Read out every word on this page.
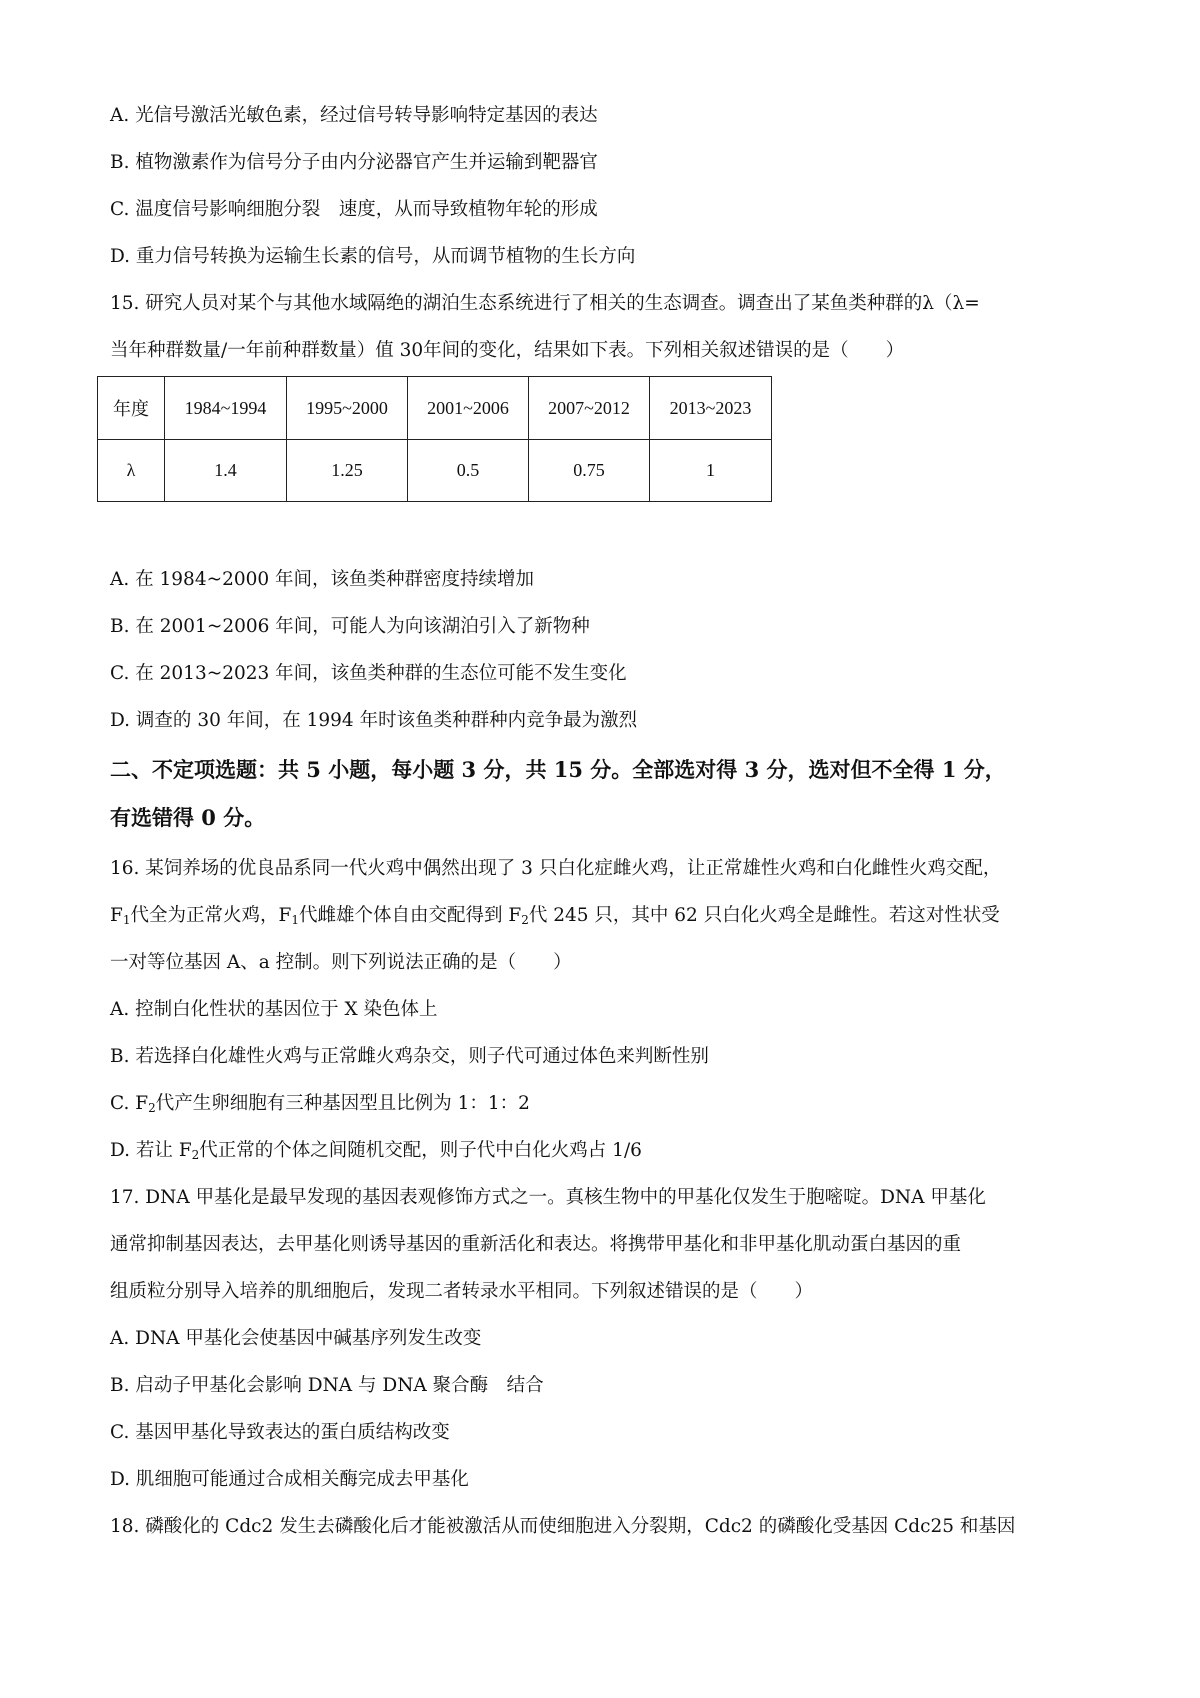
A. 光信号激活光敏色素，经过信号转导影响特定基因的表达
B. 植物激素作为信号分子由内分泌器官产生并运输到靶器官
C. 温度信号影响细胞分裂　速度，从而导致植物年轮的形成
D. 重力信号转换为运输生长素的信号，从而调节植物的生长方向
15. 研究人员对某个与其他水域隔绝的湖泊生态系统进行了相关的生态调查。调查出了某鱼类种群的λ（λ=
当年种群数量/一年前种群数量）值 30年间的变化，结果如下表。下列相关叙述错误的是（　　）
年度	1984~1994	1995~2000	2001~2006	2007~2012	2013~2023
λ	1.4	1.25	0.5	0.75	1
A. 在 1984~2000 年间，该鱼类种群密度持续增加
B. 在 2001~2006 年间，可能人为向该湖泊引入了新物种
C. 在 2013~2023 年间，该鱼类种群的生态位可能不发生变化
D. 调查的 30 年间，在 1994 年时该鱼类种群种内竞争最为激烈
二、不定项选题：共 5 小题，每小题 3 分，共 15 分。全部选对得 3 分，选对但不全得 1 分，
有选错得 0 分。
16. 某饲养场的优良品系同一代火鸡中偶然出现了 3 只白化症雌火鸡，让正常雄性火鸡和白化雌性火鸡交配，
$F_1$代全为正常火鸡，$F_1$代雌雄个体自由交配得到 $F_2$代 245 只，其中 62 只白化火鸡全是雌性。若这对性状受
一对等位基因 A、a 控制。则下列说法正确的是（　　）
A. 控制白化性状的基因位于 X 染色体上
B. 若选择白化雄性火鸡与正常雌火鸡杂交，则子代可通过体色来判断性别
C. $F_2$代产生卵细胞有三种基因型且比例为 1：1：2
D. 若让 $F_2$代正常的个体之间随机交配，则子代中白化火鸡占 1/6
17. DNA 甲基化是最早发现的基因表观修饰方式之一。真核生物中的甲基化仅发生于胞嘧啶。DNA 甲基化
通常抑制基因表达，去甲基化则诱导基因的重新活化和表达。将携带甲基化和非甲基化肌动蛋白基因的重
组质粒分别导入培养的肌细胞后，发现二者转录水平相同。下列叙述错误的是（　　）
A. DNA 甲基化会使基因中碱基序列发生改变
B. 启动子甲基化会影响 DNA 与 DNA 聚合酶　结合
C. 基因甲基化导致表达的蛋白质结构改变
D. 肌细胞可能通过合成相关酶完成去甲基化
18. 磷酸化的 Cdc2 发生去磷酸化后才能被激活从而使细胞进入分裂期，Cdc2 的磷酸化受基因 Cdc25 和基因
